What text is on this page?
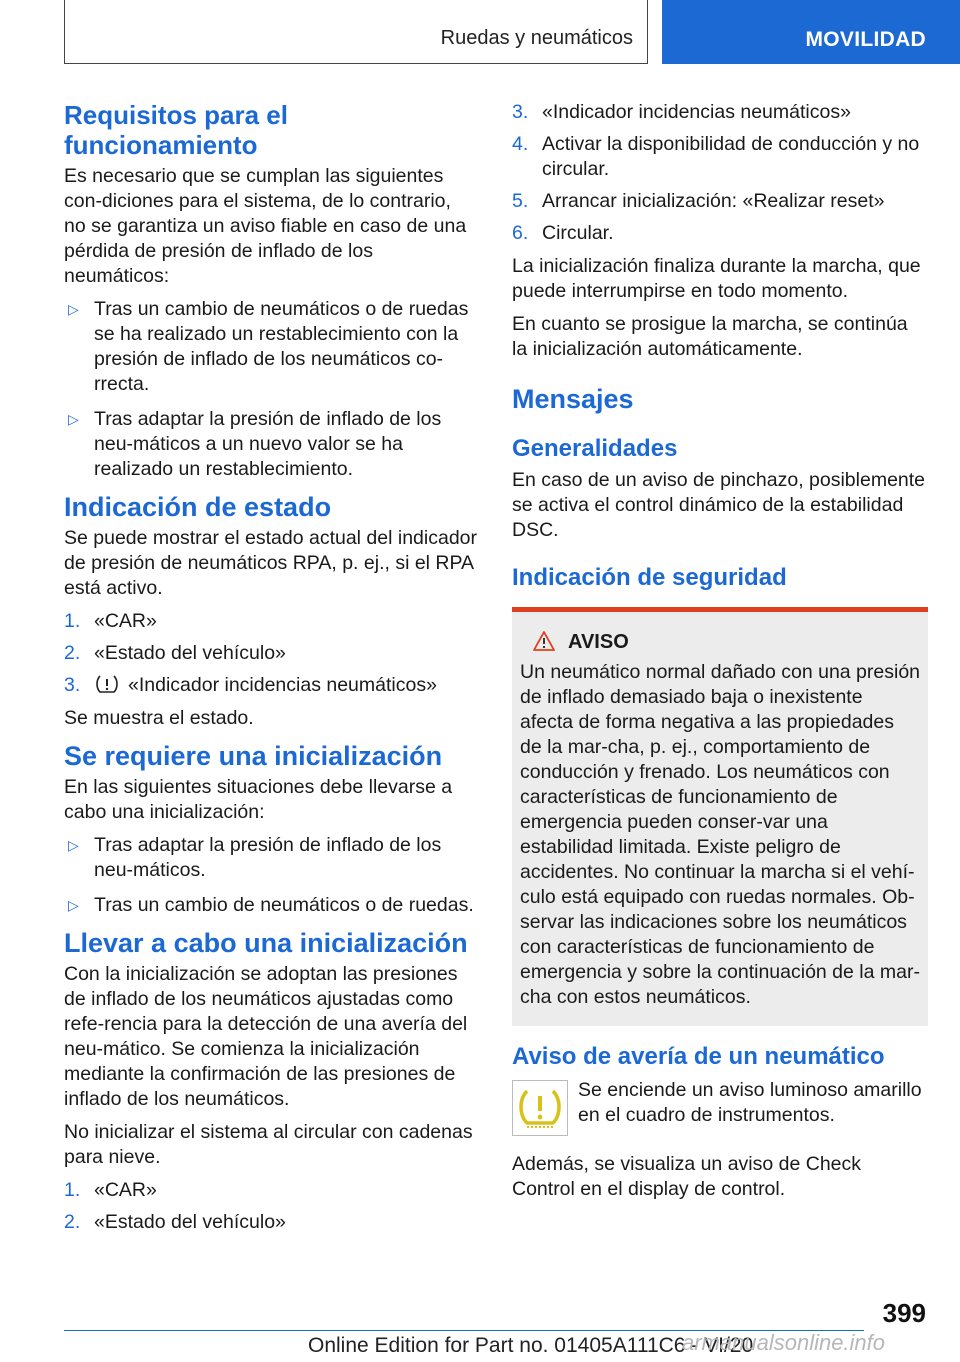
Ruedas y neumáticos	MOVILIDAD
Requisitos para el funcionamiento

Es necesario que se cumplan las siguientes con-diciones para el sistema, de lo contrario, no se garantiza un aviso fiable en caso de una pérdida de presión de inflado de los neumáticos:

▷ Tras un cambio de neumáticos o de ruedas se ha realizado un restablecimiento con la presión de inflado de los neumáticos co-rrecta.
▷ Tras adaptar la presión de inflado de los neu-máticos a un nuevo valor se ha realizado un restablecimiento.
Indicación de estado

Se puede mostrar el estado actual del indicador de presión de neumáticos RPA, p. ej., si el RPA está activo.

1. «CAR»
2. «Estado del vehículo»
3. «Indicador incidencias neumáticos»

Se muestra el estado.

Se requiere una inicialización

En las siguientes situaciones debe llevarse a cabo una inicialización:

▷ Tras adaptar la presión de inflado de los neu-máticos.
▷ Tras un cambio de neumáticos o de ruedas.
Llevar a cabo una inicialización

Con la inicialización se adoptan las presiones de inflado de los neumáticos ajustadas como refe-rencia para la detección de una avería del neu-mático. Se comienza la inicialización mediante la confirmación de las presiones de inflado de los neumáticos.

No inicializar el sistema al circular con cadenas para nieve.

1. «CAR»
2. «Estado del vehículo»
3. «Indicador incidencias neumáticos»
4. Activar la disponibilidad de conducción y no circular.
5. Arrancar inicialización: «Realizar reset»
6. Circular.

La inicialización finaliza durante la marcha, que puede interrumpirse en todo momento.

En cuanto se prosigue la marcha, se continúa la inicialización automáticamente.

Mensajes
Generalidades

En caso de un aviso de pinchazo, posiblemente se activa el control dinámico de la estabilidad DSC.

Indicación de seguridad
AVISO

Un neumático normal dañado con una presión de inflado demasiado baja o inexistente afecta de forma negativa a las propiedades de la mar-cha, p. ej., comportamiento de conducción y frenado. Los neumáticos con características de funcionamiento de emergencia pueden conser-var una estabilidad limitada. Existe peligro de accidentes. No continuar la marcha si el vehí-culo está equipado con ruedas normales. Ob-servar las indicaciones sobre los neumáticos con características de funcionamiento de emergencia y sobre la continuación de la mar-cha con estos neumáticos.

Aviso de avería de un neumático

Se enciende un aviso luminoso amarillo en el cuadro de instrumentos.

Además, se visualiza un aviso de Check Control en el display de control.

399
Online Edition for Part no. 01405A111C6 - VI/20
armanualsonline.info
